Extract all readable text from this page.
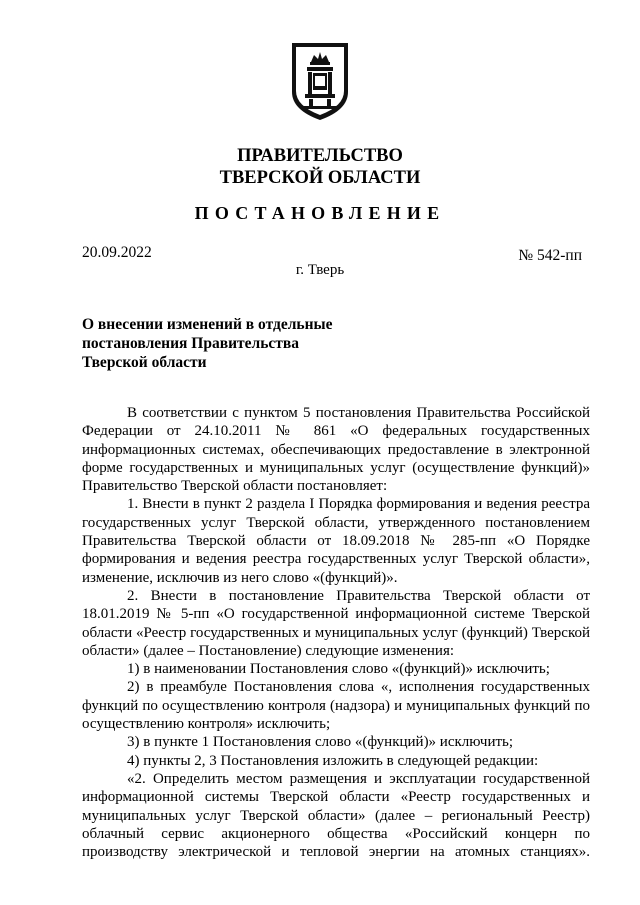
ПРАВИТЕЛЬСТВО
ТВЕРСКОЙ ОБЛАСТИ
ПОСТАНОВЛЕНИЕ
20.09.2022	№ 542-пп
г. Тверь
О внесении изменений в отдельные
постановления Правительства
Тверской области

В соответствии с пунктом 5 постановления Правительства Российской Федерации от 24.10.2011 № 861 «О федеральных государственных информационных системах, обеспечивающих предоставление в электронной форме государственных и муниципальных услуг (осуществление функций)» Правительство Тверской области постановляет:

1. Внести в пункт 2 раздела I Порядка формирования и ведения реестра государственных услуг Тверской области, утвержденного постановлением Правительства Тверской области от 18.09.2018 № 285-пп «О Порядке формирования и ведения реестра государственных услуг Тверской области», изменение, исключив из него слово «(функций)».

2. Внести в постановление Правительства Тверской области от 18.01.2019 № 5-пп «О государственной информационной системе Тверской области «Реестр государственных и муниципальных услуг (функций) Тверской области» (далее – Постановление) следующие изменения:

1) в наименовании Постановления слово «(функций)» исключить;

2) в преамбуле Постановления слова «, исполнения государственных функций по осуществлению контроля (надзора) и муниципальных функций по осуществлению контроля» исключить;

3) в пункте 1 Постановления слово «(функций)» исключить;

4) пункты 2, 3 Постановления изложить в следующей редакции:

«2. Определить местом размещения и эксплуатации государственной информационной системы Тверской области «Реестр государственных и муниципальных услуг Тверской области» (далее – региональный Реестр) облачный сервис акционерного общества «Российский концерн по производству электрической и тепловой энергии на атомных станциях».
